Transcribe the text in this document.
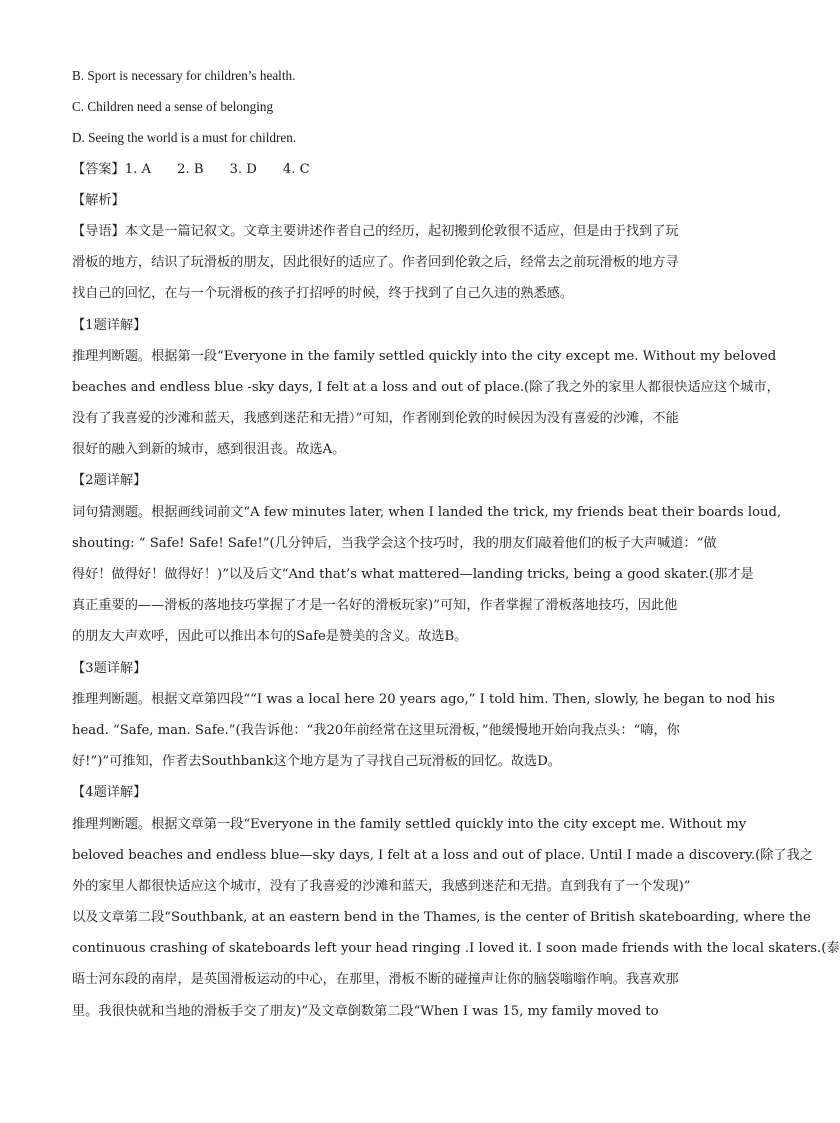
B. Sport is necessary for children’s health.
C. Children need a sense of belonging
D. Seeing the world is a must for children.
【答案】1. A 2. B 3. D 4. C
【解析】
【导语】本文是一篇记叙文。文章主要讲述作者自己的经历，起初搬到伦敦很不适应，但是由于找到了玩
滑板的地方，结识了玩滑板的朋友，因此很好的适应了。作者回到伦敦之后，经常去之前玩滑板的地方寻
找自己的回忆，在与一个玩滑板的孩子打招呼的时候，终于找到了自己久违的熟悉感。
【1题详解】
推理判断题。根据第一段“Everyone in the family settled quickly into the city except me. Without my beloved
beaches and endless blue -sky days, I felt at a loss and out of place.(除了我之外的家里人都很快适应这个城市，
没有了我喜爱的沙滩和蓝天，我感到迷茫和无措）”可知，作者刚到伦敦的时候因为没有喜爱的沙滩，不能
很好的融入到新的城市，感到很沮丧。故选A。
【2题详解】
词句猜测题。根据画线词前文“A few minutes later, when I landed the trick, my friends beat their boards loud,
shouting: “ Safe! Safe! Safe!”(几分钟后，当我学会这个技巧时，我的朋友们敲着他们的板子大声喊道：“做
得好！做得好！做得好！)”以及后文“And that’s what mattered—landing tricks, being a good skater.(那才是
真正重要的——滑板的落地技巧掌握了才是一名好的滑板玩家)”可知，作者掌握了滑板落地技巧，因此他
的朋友大声欢呼，因此可以推出本句的Safe是赞美的含义。故选B。
【3题详解】
推理判断题。根据文章第四段““I was a local here 20 years ago,” I told him. Then, slowly, he began to nod his
head. “Safe, man. Safe.”(我告诉他：“我20年前经常在这里玩滑板，”他缓慢地开始向我点头：“嗨，你
好!”)”可推知，作者去Southbank这个地方是为了寻找自己玩滑板的回忆。故选D。
【4题详解】
推理判断题。根据文章第一段“Everyone in the family settled quickly into the city except me. Without my
beloved beaches and endless blue—sky days, I felt at a loss and out of place. Until I made a discovery.(除了我之
外的家里人都很快适应这个城市，没有了我喜爱的沙滩和蓝天，我感到迷茫和无措。直到我有了一个发现)”
以及文章第二段“Southbank, at an eastern bend in the Thames, is the center of British skateboarding, where the
continuous crashing of skateboards left your head ringing .I loved it. I soon made friends with the local skaters.(泰
晤士河东段的南岸，是英国滑板运动的中心，在那里，滑板不断的碰撞声让你的脑袋嗡嗡作响。我喜欢那
里。我很快就和当地的滑板手交了朋友)”及文章倒数第二段“When I was 15, my family moved to
